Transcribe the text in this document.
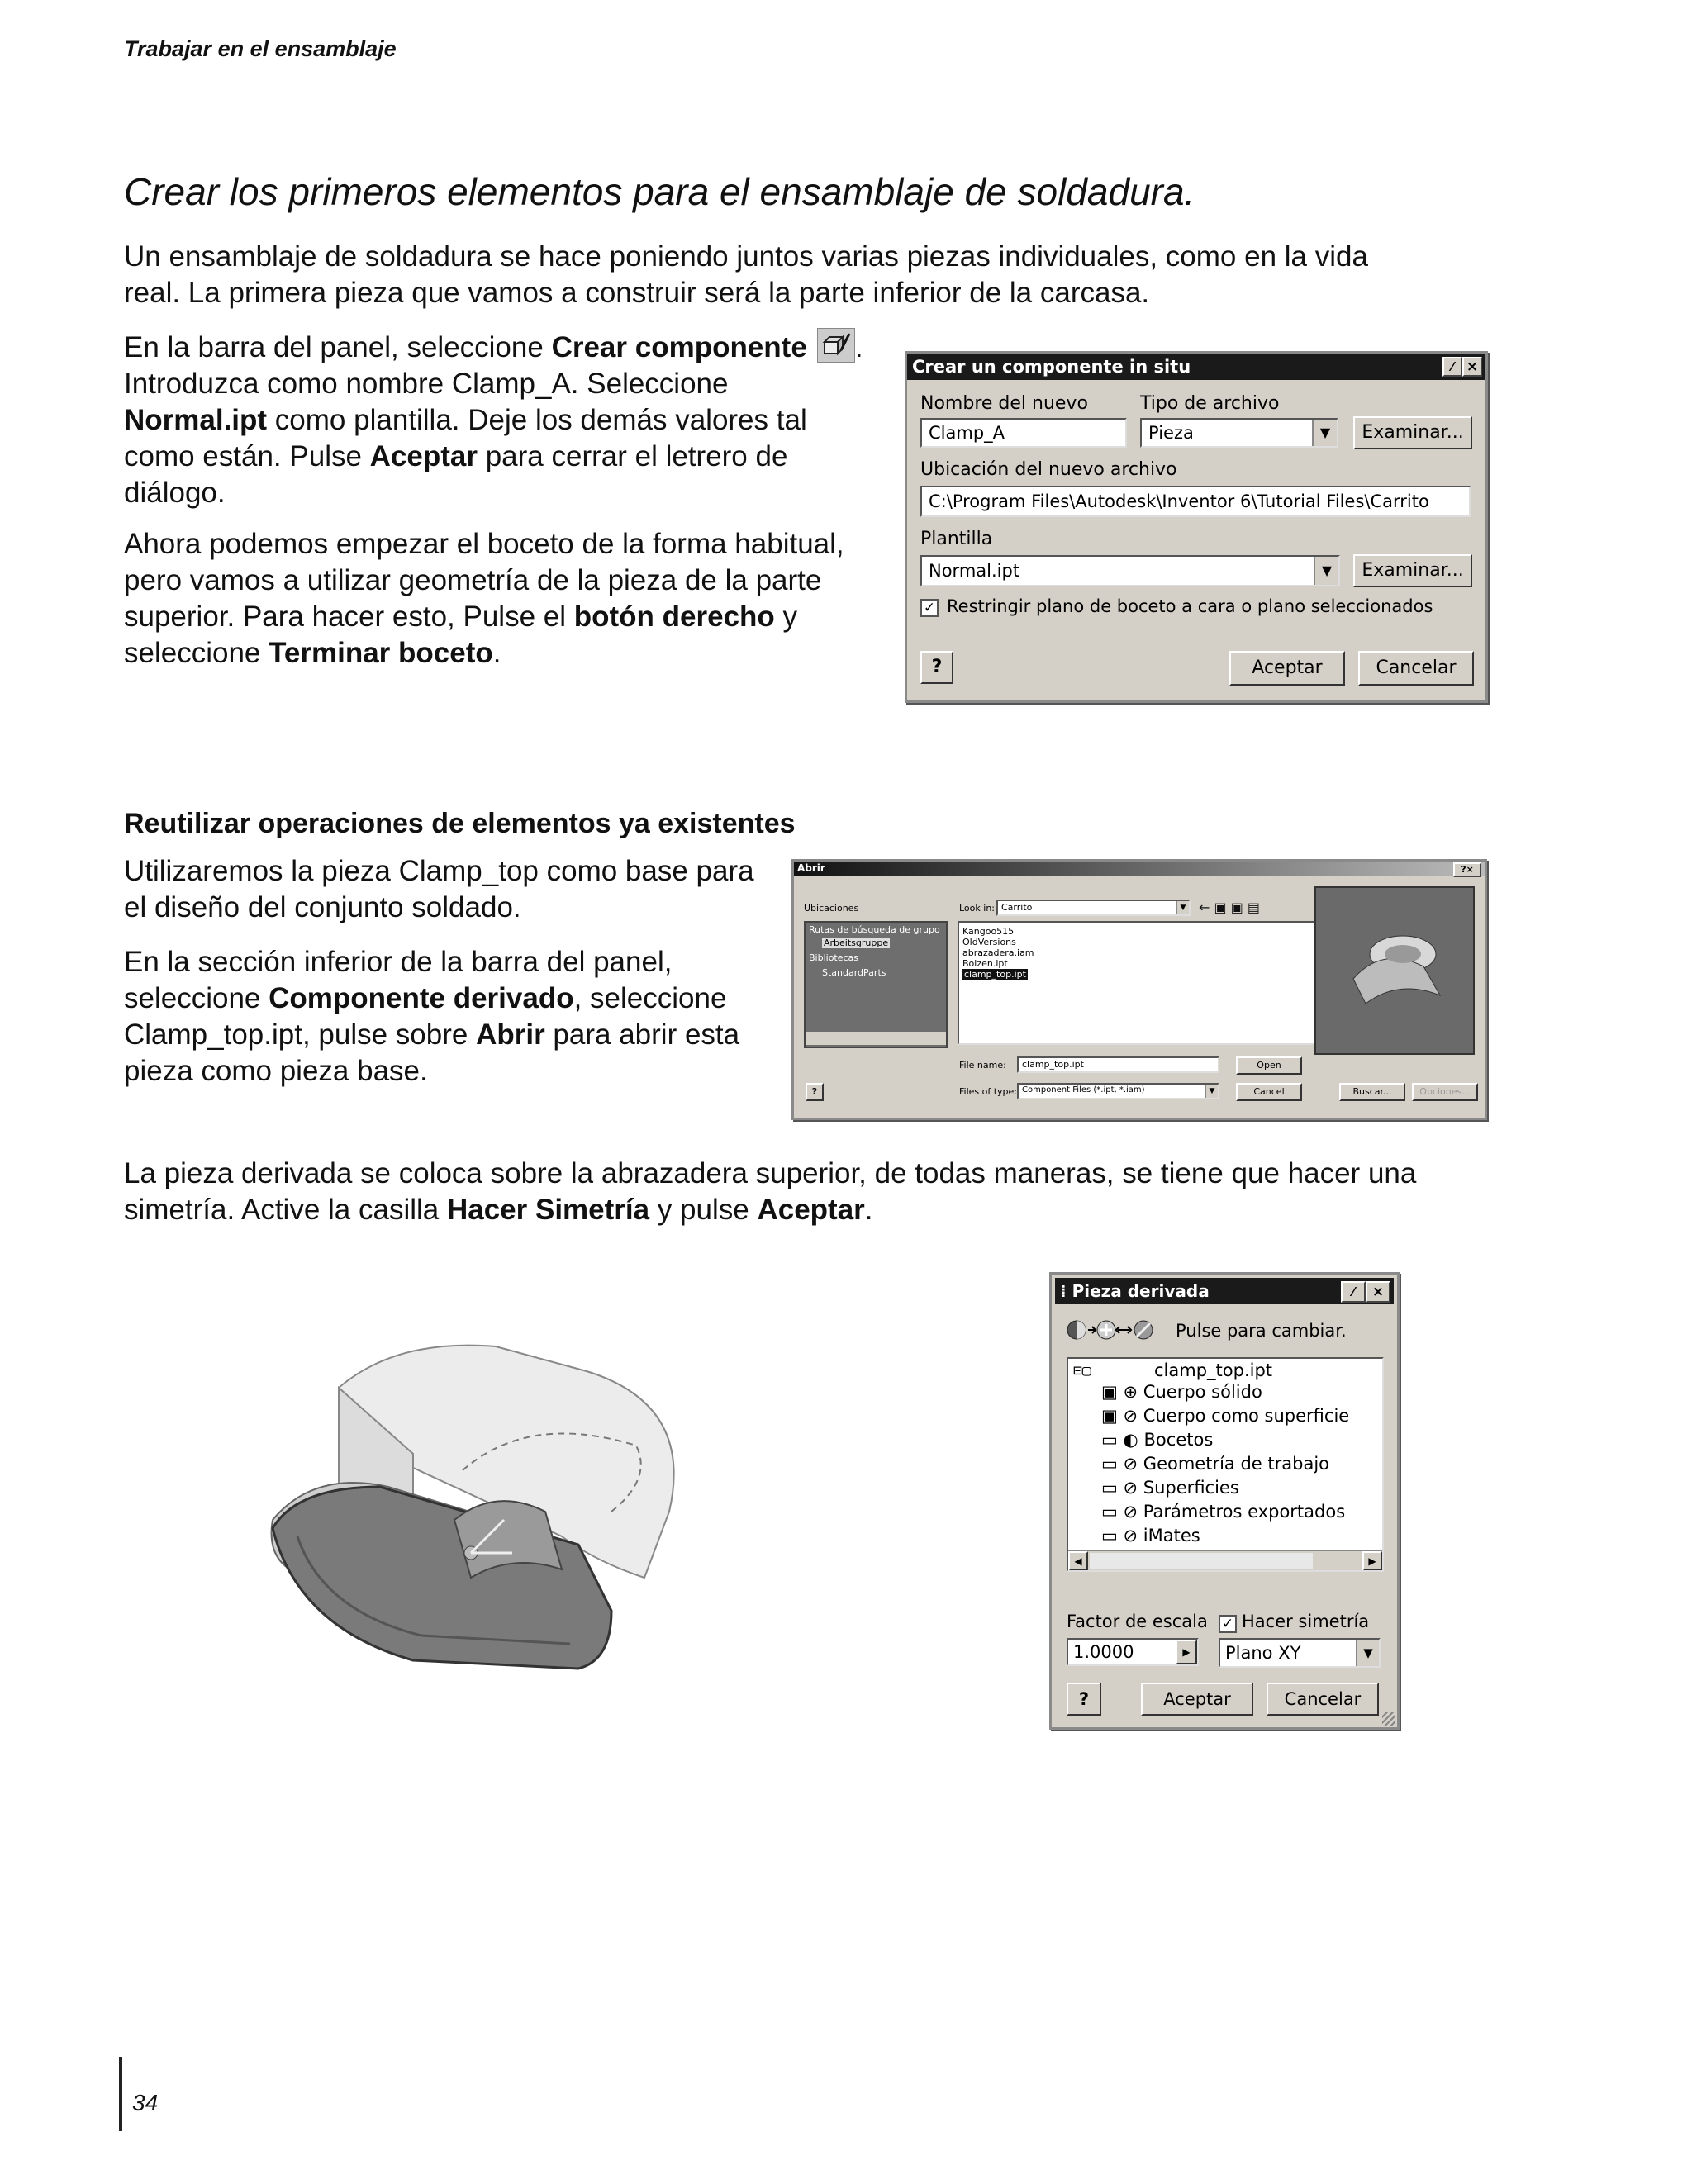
Trabajar en el ensamblaje
Crear los primeros elementos para el ensamblaje de soldadura.
Un ensamblaje de soldadura se hace poniendo juntos varias piezas individuales, como en la vida
real. La primera pieza que vamos a construir será la parte inferior de la carcasa.
En la barra del panel, seleccione Crear componente .
Introduzca como nombre Clamp_A. Seleccione
Normal.ipt como plantilla. Deje los demás valores tal
como están. Pulse Aceptar para cerrar el letrero de
diálogo.
Ahora podemos empezar el boceto de la forma habitual,
pero vamos a utilizar geometría de la pieza de la parte
superior. Para hacer esto, Pulse el botón derecho y
seleccione Terminar boceto.
Crear un componente in situ	⁄ ×
Nombre del nuevo
Clamp_A
Tipo de archivo
Pieza	▼	Examinar...
Ubicación del nuevo archivo
C:\Program Files\Autodesk\Inventor 6\Tutorial Files\Carrito
Plantilla
Normal.ipt	▼	Examinar...
✓ Restringir plano de boceto a cara o plano seleccionados
?	Aceptar	Cancelar
Reutilizar operaciones de elementos ya existentes
Utilizaremos la pieza Clamp_top como base para
el diseño del conjunto soldado.
En la sección inferior de la barra del panel,
seleccione Componente derivado, seleccione
Clamp_top.ipt, pulse sobre Abrir para abrir esta
pieza como pieza base.
Abrir	?×
Ubicaciones
Rutas de búsqueda de grupo
Arbeitsgruppe
Bibliotecas
StandardParts
Look in: Carrito	▼ ← ▣ ▣ ▤
Kangoo515
OldVersions
abrazadera.iam
Bolzen.ipt
clamp_top.ipt
File name:	clamp_top.ipt	Open
Files of type: Component Files (*.ipt, *.iam)	▼	Cancel	Buscar...	Opciones...
?
La pieza derivada se coloca sobre la abrazadera superior, de todas maneras, se tiene que hacer una
simetría. Active la casilla Hacer Simetría y pulse Aceptar.
⁞ Pieza derivada	⁄	×
Pulse para cambiar.
⊟▢	clamp_top.ipt
▣ ⊕ Cuerpo sólido
▣ ⊘ Cuerpo como superficie
▭ ◐ Bocetos
▭ ⊘ Geometría de trabajo
▭ ⊘ Superficies
▭ ⊘ Parámetros exportados
▭ ⊘ iMates
◀	▶
Factor de escala
1.0000	▶
✓ Hacer simetría
Plano XY	▼
?	Aceptar	Cancelar
34
